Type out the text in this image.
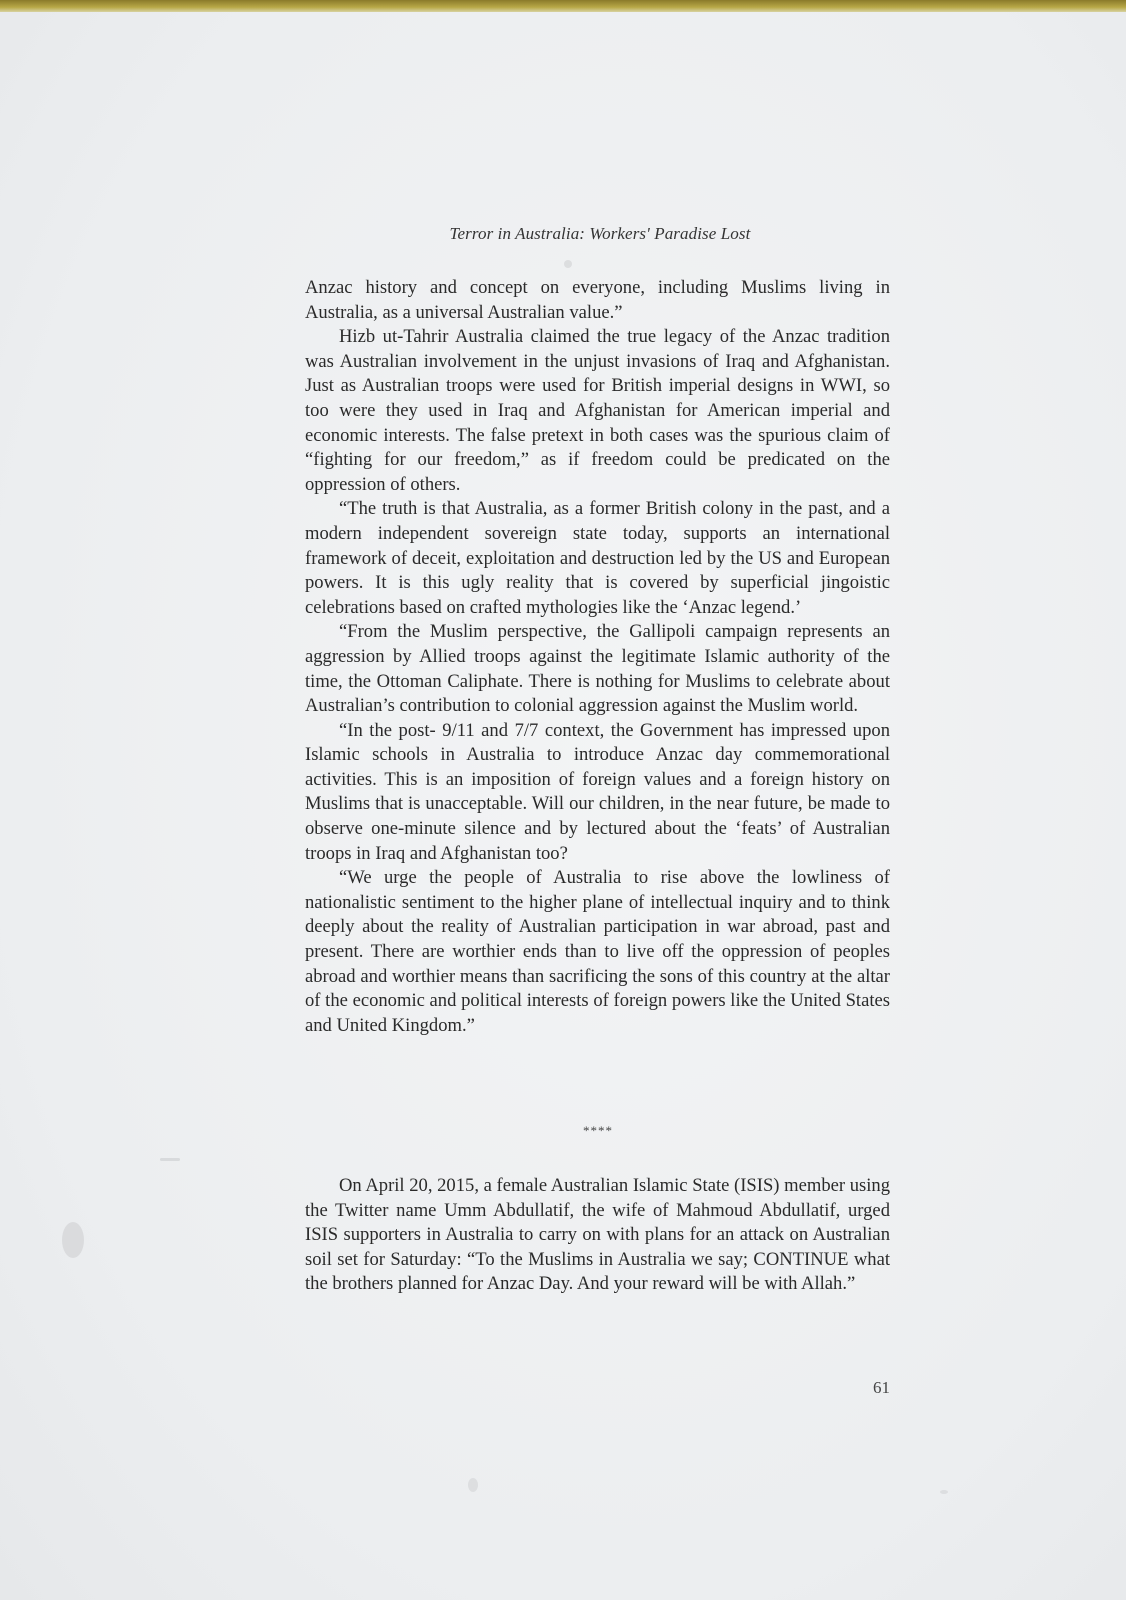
Terror in Australia: Workers' Paradise Lost

Anzac history and concept on everyone, including Muslims living in Australia, as a universal Australian value.”

Hizb ut-Tahrir Australia claimed the true legacy of the Anzac tradition was Australian involvement in the unjust invasions of Iraq and Afghanistan. Just as Australian troops were used for British imperial designs in WWI, so too were they used in Iraq and Afghanistan for American imperial and economic interests. The false pretext in both cases was the spurious claim of “fighting for our freedom,” as if freedom could be predicated on the oppression of others.

“The truth is that Australia, as a former British colony in the past, and a modern independent sovereign state today, supports an international framework of deceit, exploitation and destruction led by the US and European powers. It is this ugly reality that is covered by superficial jingoistic celebrations based on crafted mythologies like the ‘Anzac legend.’

“From the Muslim perspective, the Gallipoli campaign represents an aggression by Allied troops against the legitimate Islamic authority of the time, the Ottoman Caliphate. There is nothing for Muslims to celebrate about Australian’s contribution to colonial aggression against the Muslim world.

“In the post- 9/11 and 7/7 context, the Government has impressed upon Islamic schools in Australia to introduce Anzac day commemorational activities. This is an imposition of foreign values and a foreign history on Muslims that is unacceptable. Will our children, in the near future, be made to observe one-minute silence and by lectured about the ‘feats’ of Australian troops in Iraq and Afghanistan too?

“We urge the people of Australia to rise above the lowliness of nationalistic sentiment to the higher plane of intellectual inquiry and to think deeply about the reality of Australian participation in war abroad, past and present. There are worthier ends than to live off the oppression of peoples abroad and worthier means than sacrificing the sons of this country at the altar of the economic and political interests of foreign powers like the United States and United Kingdom.”

****

On April 20, 2015, a female Australian Islamic State (ISIS) member using the Twitter name Umm Abdullatif, the wife of Mahmoud Abdullatif, urged ISIS supporters in Australia to carry on with plans for an attack on Australian soil set for Saturday: “To the Muslims in Australia we say; CONTINUE what the brothers planned for Anzac Day. And your reward will be with Allah.”

61
